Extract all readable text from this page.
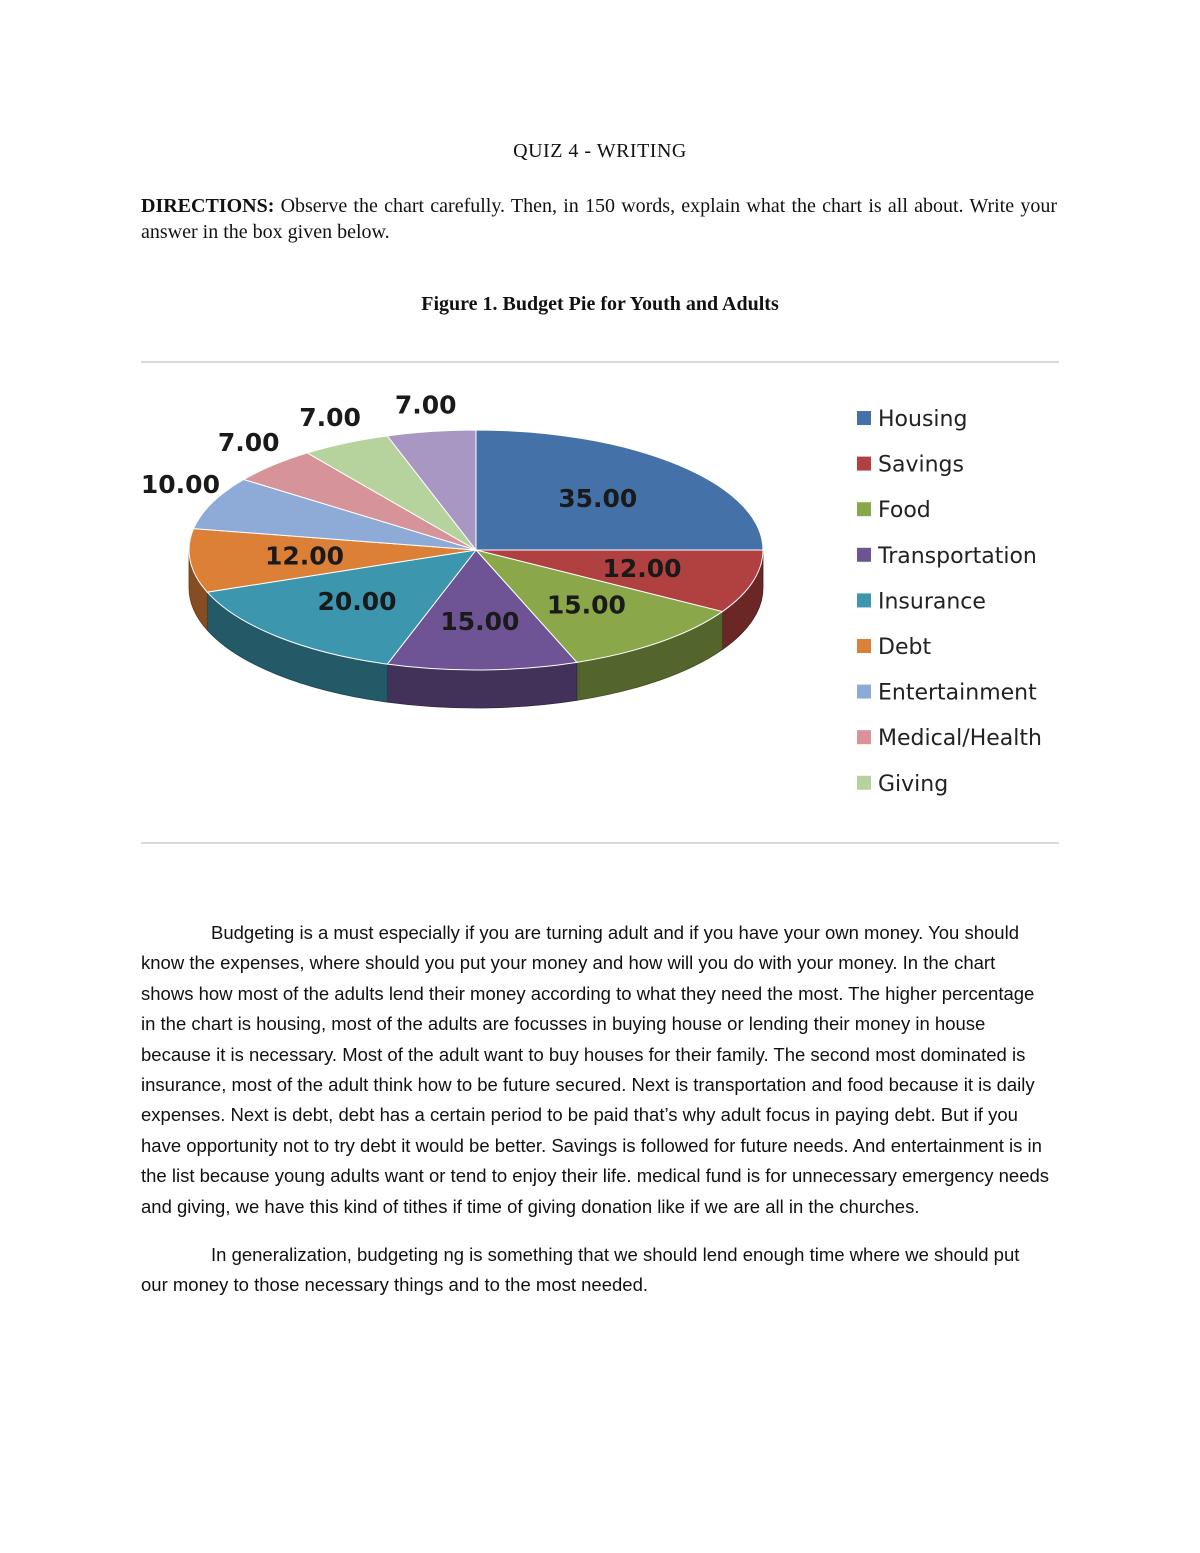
QUIZ 4 - WRITING
DIRECTIONS: Observe the chart carefully. Then, in 150 words, explain what the chart is all about. Write your answer in the box given below.
Figure 1. Budget Pie for Youth and Adults
35.00
12.00
15.00
15.00
20.00
12.00
10.00
7.00
7.00 7.00
Housing
Savings
Food
Transportation
Insurance
Debt
Entertainment
Medical/Health
Giving

Budgeting is a must especially if you are turning adult and if you have your own money. You should know the expenses, where should you put your money and how will you do with your money. In the chart shows how most of the adults lend their money according to what they need the most. The higher percentage in the chart is housing, most of the adults are focusses in buying house or lending their money in house because it is necessary. Most of the adult want to buy houses for their family. The second most dominated is insurance, most of the adult think how to be future secured. Next is transportation and food because it is daily expenses. Next is debt, debt has a certain period to be paid that’s why adult focus in paying debt. But if you have opportunity not to try debt it would be better. Savings is followed for future needs. And entertainment is in the list because young adults want or tend to enjoy their life. medical fund is for unnecessary emergency needs and giving, we have this kind of tithes if time of giving donation like if we are all in the churches.

In generalization, budgeting ng is something that we should lend enough time where we should put our money to those necessary things and to the most needed.
